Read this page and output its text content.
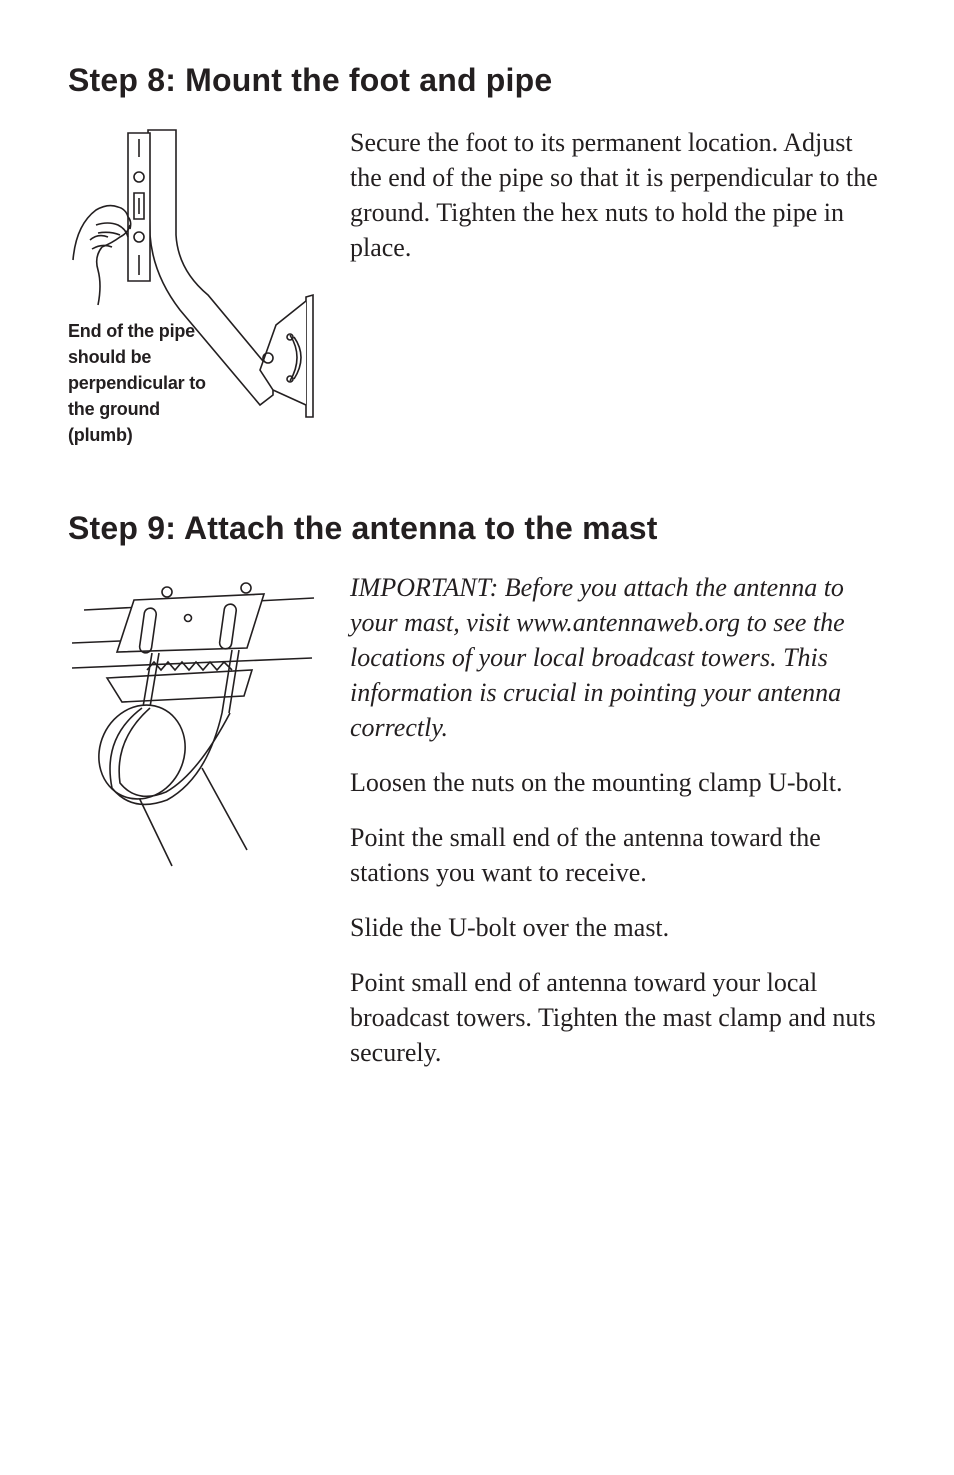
Step 8: Mount the foot and pipe
End of the pipe should be perpendicular to the ground (plumb)

Secure the foot to its permanent location. Adjust the end of the pipe so that it is perpendicular to the ground. Tighten the hex nuts to hold the pipe in place.

Step 9: Attach the antenna to the mast

IMPORTANT: Before you attach the antenna to your mast, visit www.antennaweb.org to see the locations of your local broadcast towers. This information is crucial in pointing your antenna correctly.

Loosen the nuts on the mounting clamp U-bolt.

Point the small end of the antenna toward the stations you want to receive.

Slide the U-bolt over the mast.

Point small end of antenna toward your local broadcast towers. Tighten the mast clamp and nuts securely.
